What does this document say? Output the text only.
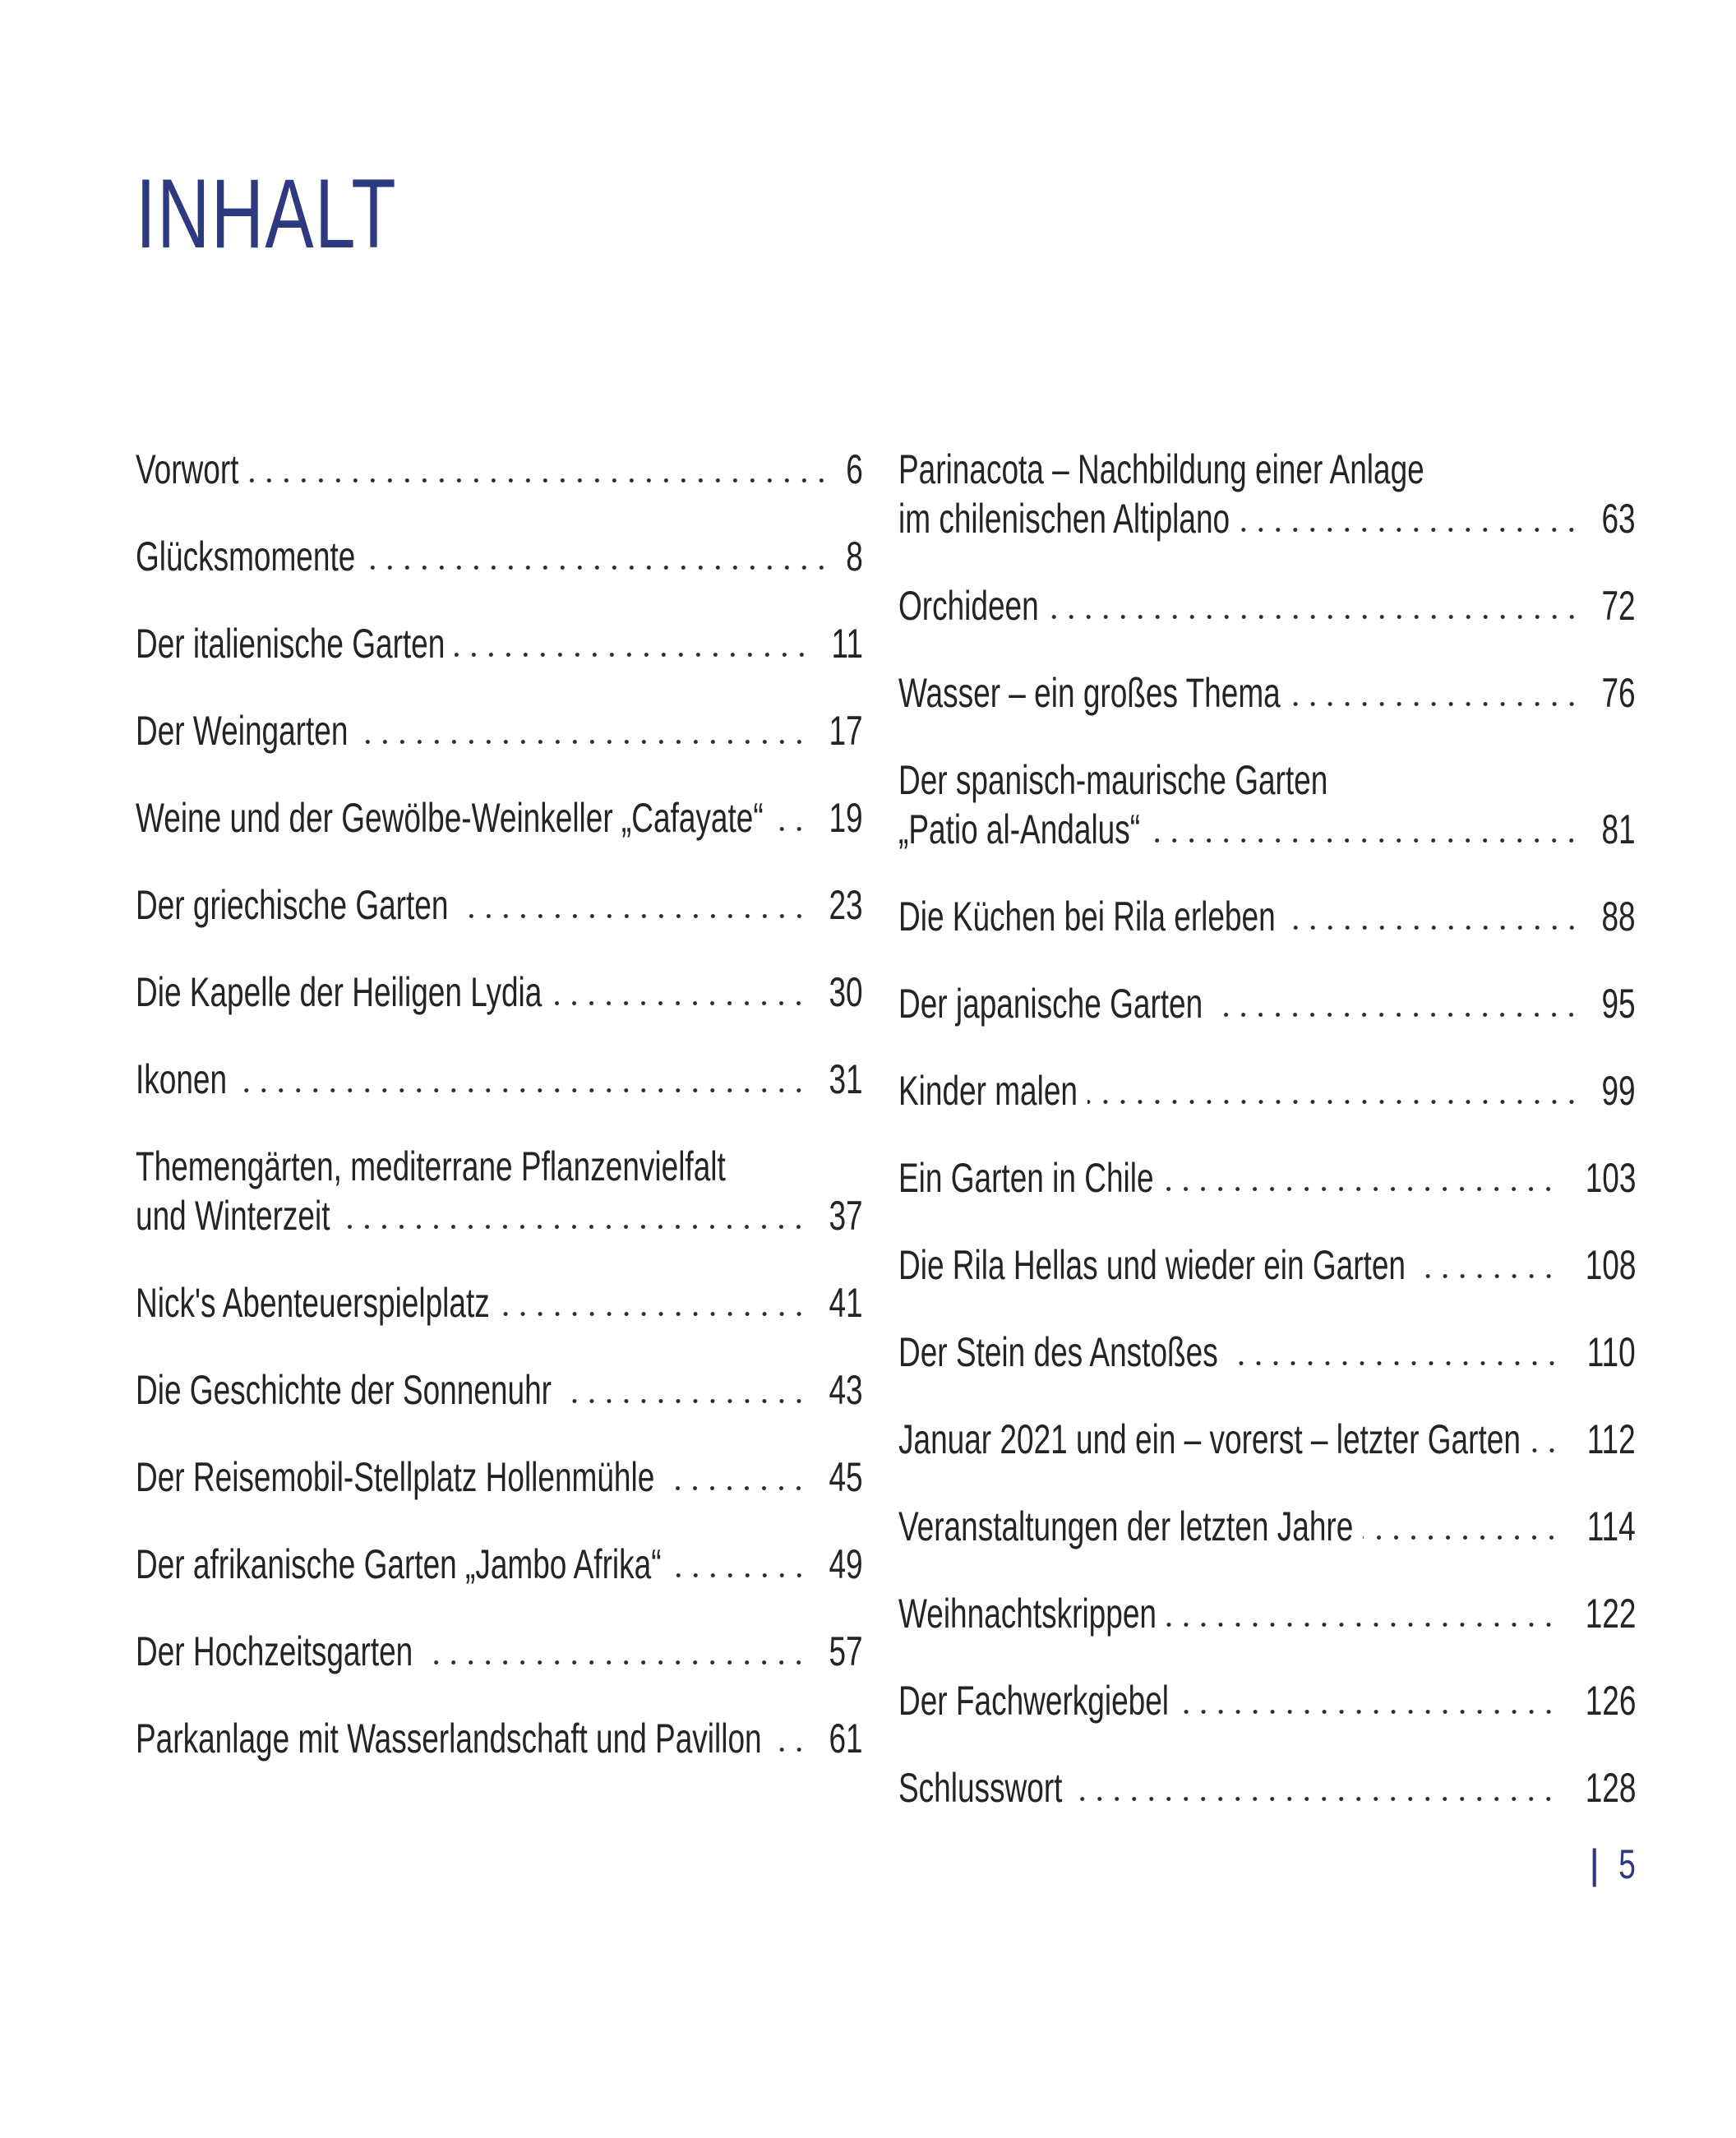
INHALT
Vorwort	6
Glücksmomente	8
Der italienische Garten	11
Der Weingarten	17
Weine und der Gewölbe-Weinkeller „Cafayate“ 19
Der griechische Garten	23
Die Kapelle der Heiligen Lydia	30
Ikonen	31
Themengärten, mediterrane Pflanzenvielfalt
und Winterzeit	37
Nick's Abenteuerspielplatz	41
Die Geschichte der Sonnenuhr	43
Der Reisemobil-Stellplatz Hollenmühle	45
Der afrikanische Garten „Jambo Afrika“	49
Der Hochzeitsgarten	57
Parkanlage mit Wasserlandschaft und Pavillon 61
Parinacota – Nachbildung einer Anlage
im chilenischen Altiplano	63
Orchideen	72
Wasser – ein großes Thema	76
Der spanisch-maurische Garten
„Patio al-Andalus“	81
Die Küchen bei Rila erleben	88
Der japanische Garten	95
Kinder malen	99
Ein Garten in Chile	103
Die Rila Hellas und wieder ein Garten	108
Der Stein des Anstoßes	110
Januar 2021 und ein – vorerst – letzter Garten 112
Veranstaltungen der letzten Jahre	114
Weihnachtskrippen	122
Der Fachwerkgiebel	126
Schlusswort	128
| 5
